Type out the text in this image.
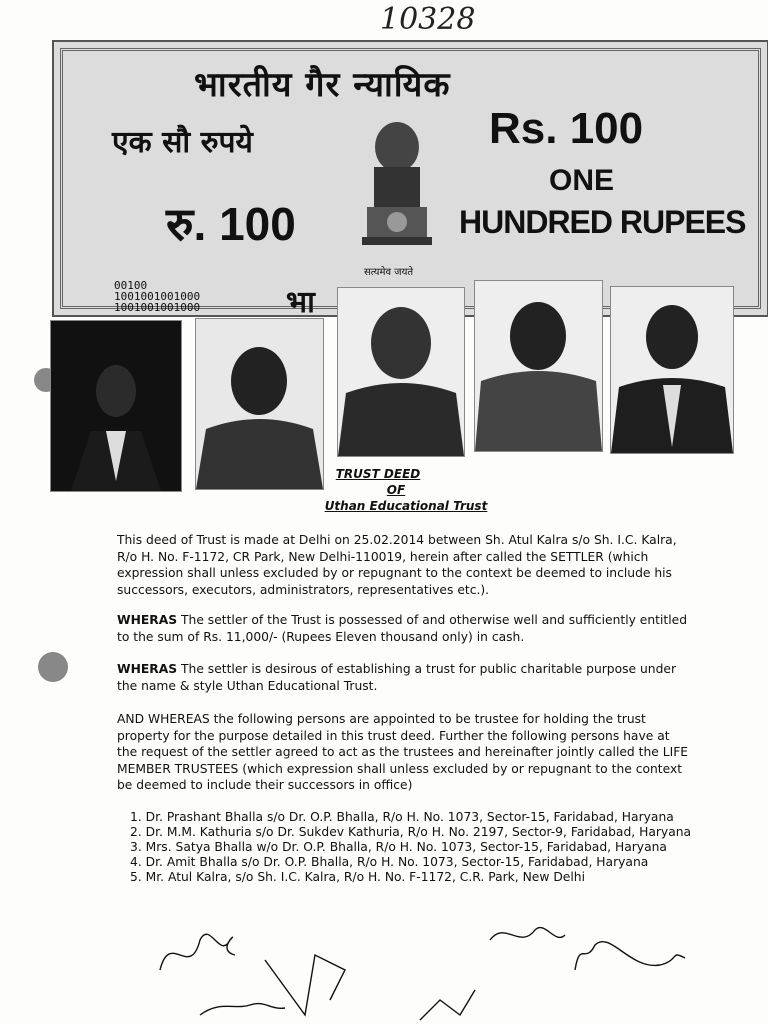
10328
भारतीय गैर न्यायिक
एक सौ रुपये	Rs. 100
रु. 100
ONE
HUNDRED RUPEES
सत्यमेव जयते
00100
1001001001000
1001001001000	भा
TRUST DEED
OF
Uthan Educational Trust
This deed of Trust is made at Delhi on 25.02.2014 between Sh. Atul Kalra s/o Sh. I.C. Kalra, R/o H. No. F-1172, CR Park, New Delhi-110019, herein after called the SETTLER (which expression shall unless excluded by or repugnant to the context be deemed to include his successors, executors, administrators, representatives etc.).
WHERAS The settler of the Trust is possessed of and otherwise well and sufficiently entitled to the sum of Rs. 11,000/- (Rupees Eleven thousand only) in cash.
WHERAS The settler is desirous of establishing a trust for public charitable purpose under the name & style Uthan Educational Trust.
AND WHEREAS the following persons are appointed to be trustee for holding the trust property for the purpose detailed in this trust deed. Further the following persons have at the request of the settler agreed to act as the trustees and hereinafter jointly called the LIFE MEMBER TRUSTEES (which expression shall unless excluded by or repugnant to the context be deemed to include their successors in office)
1. Dr. Prashant Bhalla s/o Dr. O.P. Bhalla, R/o H. No. 1073, Sector-15, Faridabad, Haryana
2. Dr. M.M. Kathuria s/o Dr. Sukdev Kathuria, R/o H. No. 2197, Sector-9, Faridabad, Haryana
3. Mrs. Satya Bhalla w/o Dr. O.P. Bhalla, R/o H. No. 1073, Sector-15, Faridabad, Haryana
4. Dr. Amit Bhalla s/o Dr. O.P. Bhalla, R/o H. No. 1073, Sector-15, Faridabad, Haryana
5. Mr. Atul Kalra, s/o Sh. I.C. Kalra, R/o H. No. F-1172, C.R. Park, New Delhi
